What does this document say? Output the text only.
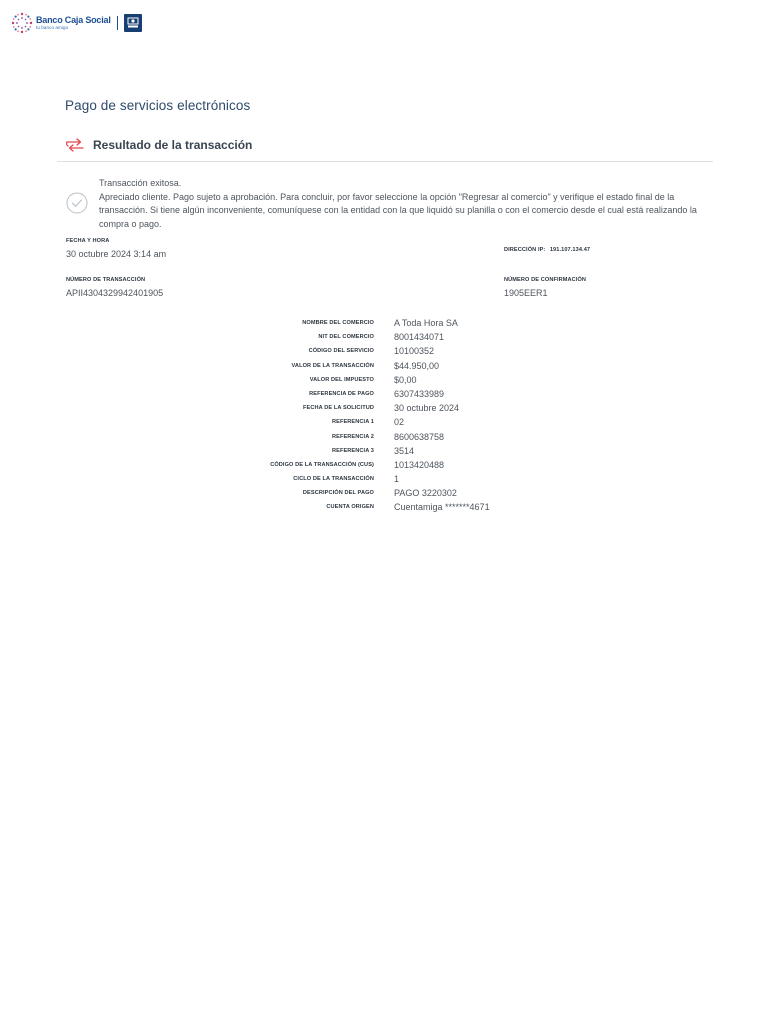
Banco Caja Social
tu banco amigo
Pago de servicios electrónicos
Resultado de la transacción
Transacción exitosa.
Apreciado cliente. Pago sujeto a aprobación. Para concluir, por favor seleccione la opción "Regresar al comercio" y verifique el estado final de la transacción. Si tiene algún inconveniente, comuníquese con la entidad con la que liquidó su planilla o con el comercio desde el cual está realizando la compra o pago.
FECHA Y HORA
30 octubre 2024 3:14 am	DIRECCIÓN IP: 191.107.134.47
NÚMERO DE TRANSACCIÓN
APII4304329942401905
NÚMERO DE CONFIRMACIÓN
1905EER1
NOMBRE DEL COMERCIO A Toda Hora SA
NIT DEL COMERCIO 8001434071
CÓDIGO DEL SERVICIO 10100352
VALOR DE LA TRANSACCIÓN $44.950,00
VALOR DEL IMPUESTO $0,00
REFERENCIA DE PAGO 6307433989
FECHA DE LA SOLICITUD 30 octubre 2024
REFERENCIA 1 02
REFERENCIA 2 8600638758
REFERENCIA 3 3514
CÓDIGO DE LA TRANSACCIÓN (CUS) 1013420488
CICLO DE LA TRANSACCIÓN 1
DESCRIPCIÓN DEL PAGO PAGO 3220302
CUENTA ORIGEN Cuentamiga *******4671
